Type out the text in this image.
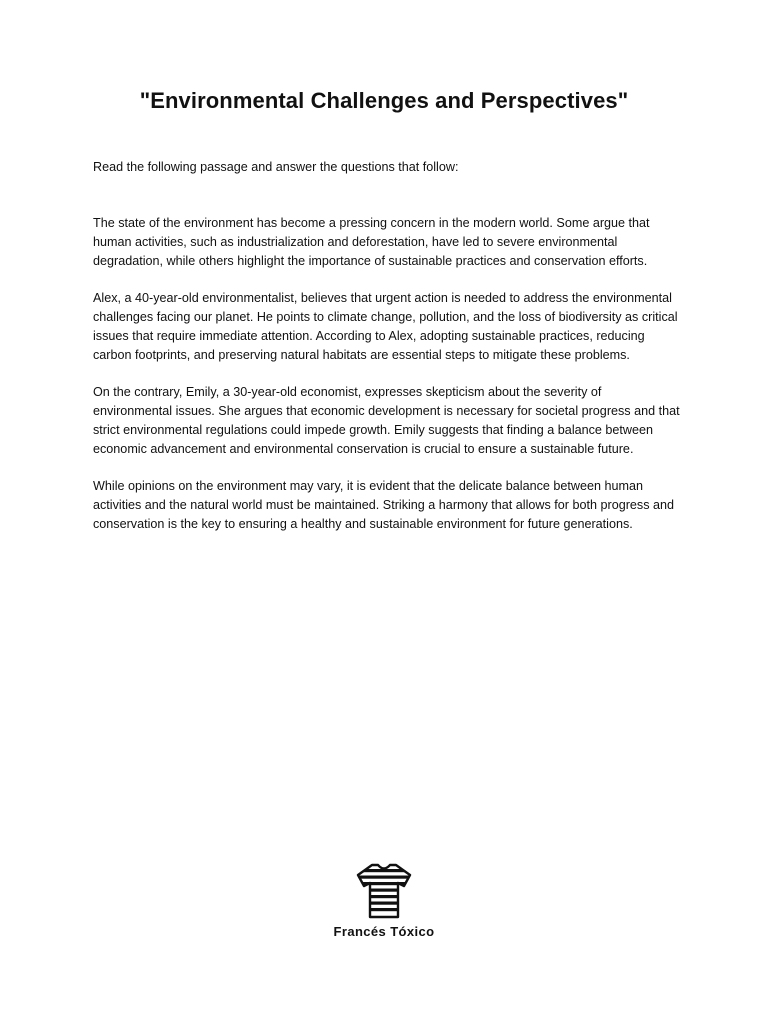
"Environmental Challenges and Perspectives"

Read the following passage and answer the questions that follow:

The state of the environment has become a pressing concern in the modern world. Some argue that human activities, such as industrialization and deforestation, have led to severe environmental degradation, while others highlight the importance of sustainable practices and conservation efforts.

Alex, a 40-year-old environmentalist, believes that urgent action is needed to address the environmental challenges facing our planet. He points to climate change, pollution, and the loss of biodiversity as critical issues that require immediate attention. According to Alex, adopting sustainable practices, reducing carbon footprints, and preserving natural habitats are essential steps to mitigate these problems.

On the contrary, Emily, a 30-year-old economist, expresses skepticism about the severity of environmental issues. She argues that economic development is necessary for societal progress and that strict environmental regulations could impede growth. Emily suggests that finding a balance between economic advancement and environmental conservation is crucial to ensure a sustainable future.

While opinions on the environment may vary, it is evident that the delicate balance between human activities and the natural world must be maintained. Striking a harmony that allows for both progress and conservation is the key to ensuring a healthy and sustainable environment for future generations.

Francés Tóxico
